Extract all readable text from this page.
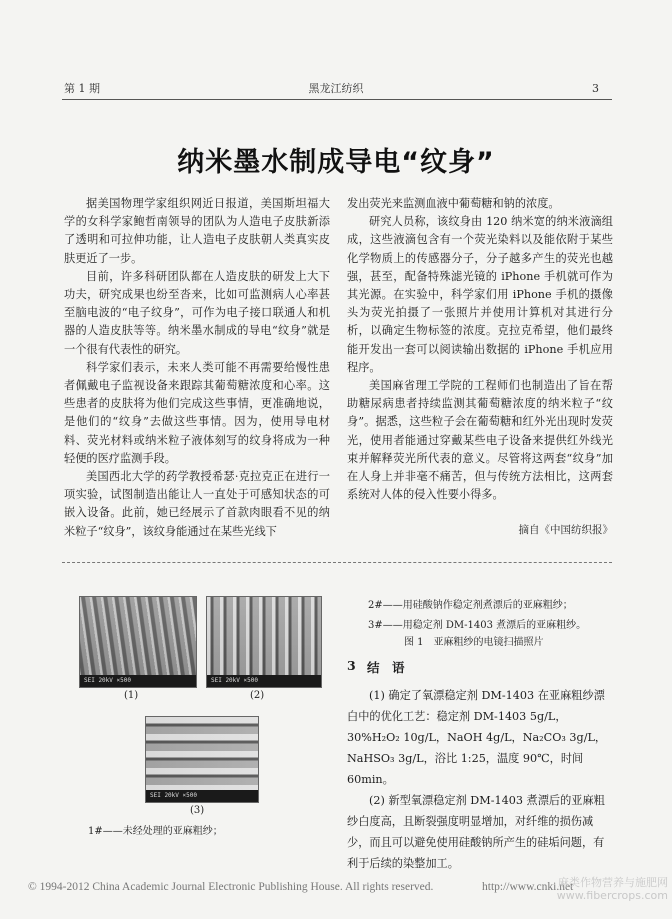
第 1 期	黑龙江纺织	3
纳米墨水制成导电“纹身”

据美国物理学家组织网近日报道，美国斯坦福大学的女科学家鲍哲南领导的团队为人造电子皮肤新添了透明和可拉伸功能，让人造电子皮肤朝人类真实皮肤更近了一步。

目前，许多科研团队都在人造皮肤的研发上大下功夫，研究成果也纷至沓来，比如可监测病人心率甚至脑电波的“电子纹身”，可作为电子接口联通人和机器的人造皮肤等等。纳米墨水制成的导电“纹身”就是一个很有代表性的研究。

科学家们表示，未来人类可能不再需要给慢性患者佩戴电子监视设备来跟踪其葡萄糖浓度和心率。这些患者的皮肤将为他们完成这些事情，更准确地说，是他们的“纹身”去做这些事情。因为，使用导电材料、荧光材料或纳米粒子液体刻写的纹身将成为一种轻便的医疗监测手段。

美国西北大学的药学教授希瑟·克拉克正在进行一项实验，试图制造出能让人一直处于可感知状态的可嵌入设备。此前，她已经展示了首款肉眼看不见的纳米粒子“纹身”，该纹身能通过在某些光线下

发出荧光来监测血液中葡萄糖和钠的浓度。

研究人员称，该纹身由 120 纳米宽的纳米液滴组成，这些液滴包含有一个荧光染料以及能依附于某些化学物质上的传感器分子，分子越多产生的荧光也越强，甚至，配备特殊滤光镜的 iPhone 手机就可作为其光源。在实验中，科学家们用 iPhone 手机的摄像头为荧光拍摄了一张照片并使用计算机对其进行分析，以确定生物标签的浓度。克拉克希望，他们最终能开发出一套可以阅读输出数据的 iPhone 手机应用程序。

美国麻省理工学院的工程师们也制造出了旨在帮助糖尿病患者持续监测其葡萄糖浓度的纳米粒子“纹身”。据悉，这些粒子会在葡萄糖和红外光出现时发荧光，使用者能通过穿戴某些电子设备来提供红外线光束并解释荧光所代表的意义。尽管将这两套“纹身”加在人身上并非毫不痛苦，但与传统方法相比，这两套系统对人体的侵入性要小得多。

摘自《中国纺织报》
SEI 20kV ×500
(1)
SEI 20kV ×500
(2)
SEI 20kV ×500
(3)
1#——未经处理的亚麻粗纱；
2#——用硅酸钠作稳定剂煮漂后的亚麻粗纱；
3#——用稳定剂 DM-1403 煮漂后的亚麻粗纱。
图 1　亚麻粗纱的电镜扫描照片
3 结　语

(1) 确定了氧漂稳定剂 DM-1403 在亚麻粗纱漂白中的优化工艺：稳定剂 DM-1403 5g/L，30%H₂O₂ 10g/L，NaOH 4g/L，Na₂CO₃ 3g/L，NaHSO₃ 3g/L，浴比 1:25，温度 90℃，时间 60min。

(2) 新型氧漂稳定剂 DM-1403 煮漂后的亚麻粗纱白度高，且断裂强度明显增加，对纤维的损伤减少，而且可以避免使用硅酸钠所产生的硅垢问题，有利于后续的染整加工。

© 1994-2012 China Academic Journal Electronic Publishing House. All rights reserved.	http://www.cnki.net
麻类作物营养与施肥网
www.fibercrops.com
